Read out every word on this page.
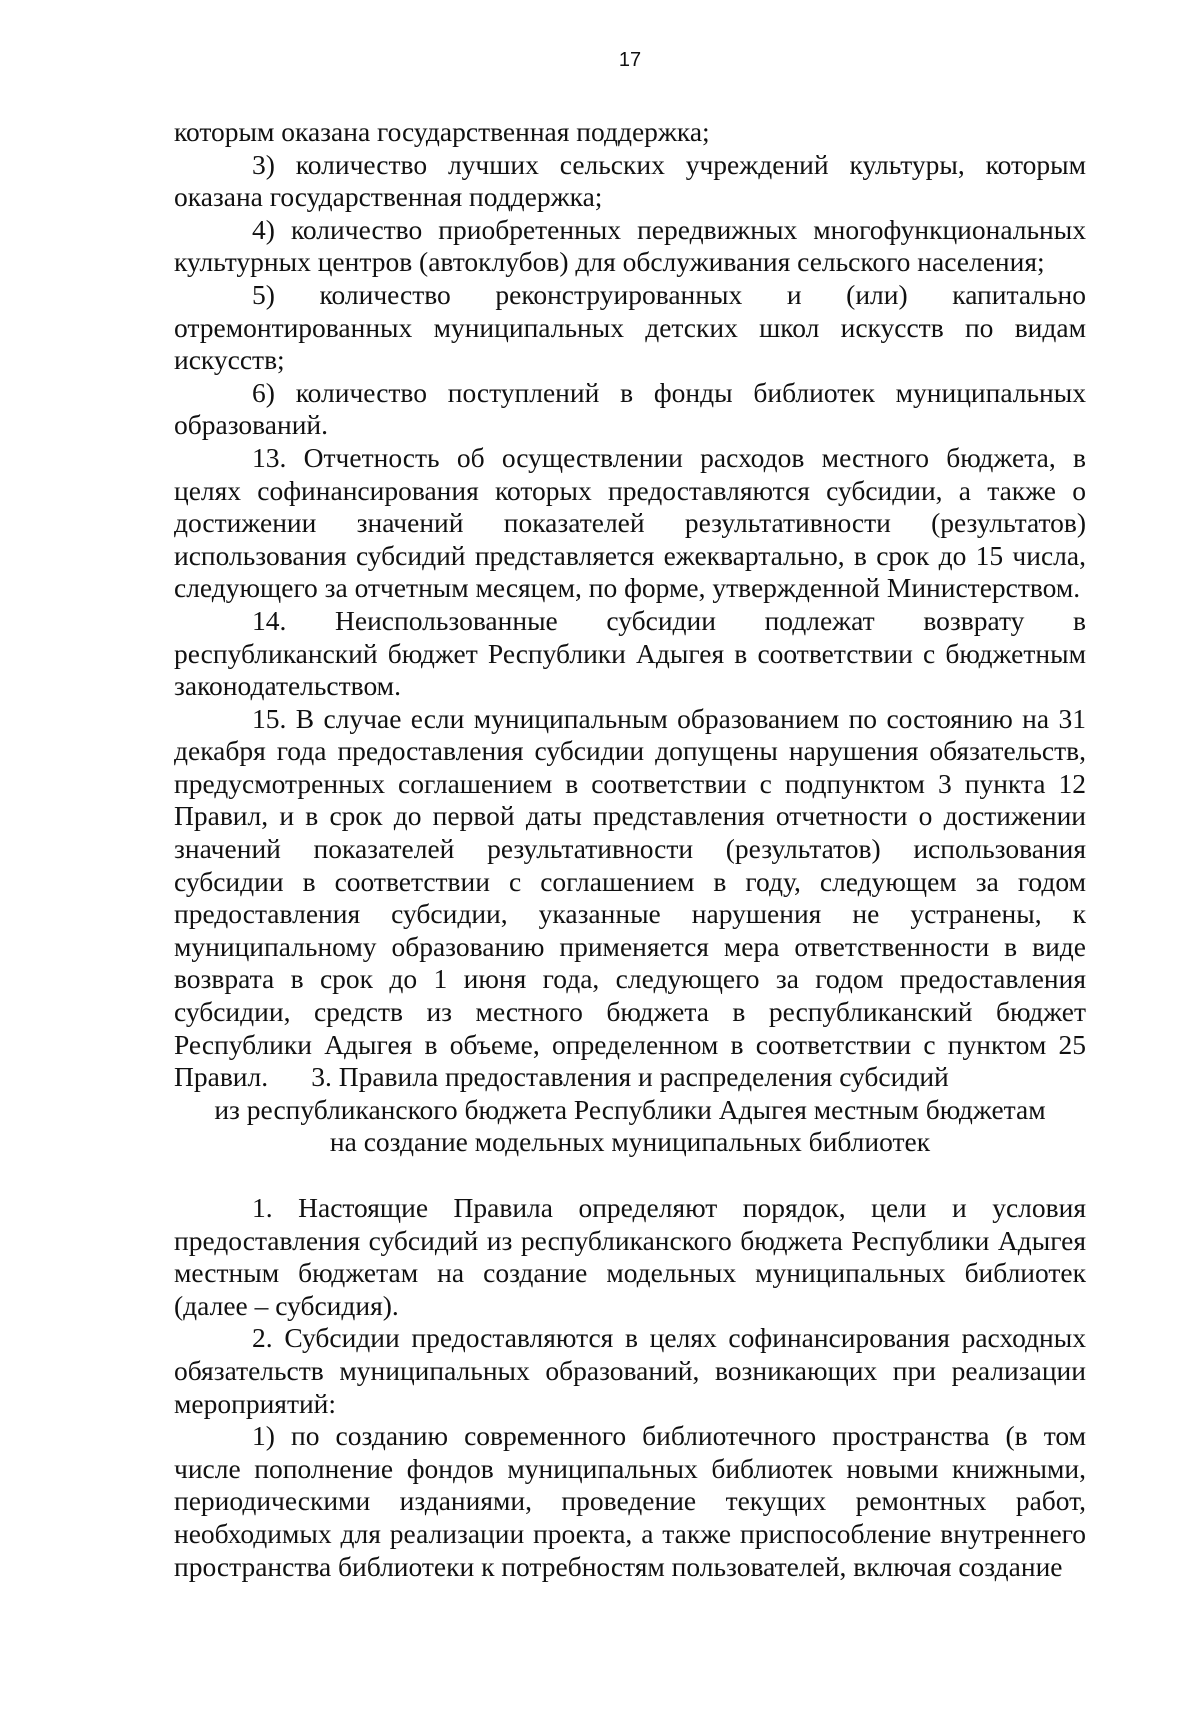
17

которым оказана государственная поддержка;

3) количество лучших сельских учреждений культуры, которым оказана государственная поддержка;

4) количество приобретенных передвижных многофункциональных культурных центров (автоклубов) для обслуживания сельского населения;

5) количество реконструированных и (или) капитально отремонтированных муниципальных детских школ искусств по видам искусств;

6) количество поступлений в фонды библиотек муниципальных образований.

13. Отчетность об осуществлении расходов местного бюджета, в целях софинансирования которых предоставляются субсидии, а также о достижении значений показателей результативности (результатов) использования субсидий представляется ежеквартально, в срок до 15 числа, следующего за отчетным месяцем, по форме, утвержденной Министерством.

14. Неиспользованные субсидии подлежат возврату в республиканский бюджет Республики Адыгея в соответствии с бюджетным законодательством.

15. В случае если муниципальным образованием по состоянию на 31 декабря года предоставления субсидии допущены нарушения обязательств, предусмотренных соглашением в соответствии с подпунктом 3 пункта 12 Правил, и в срок до первой даты представления отчетности о достижении значений показателей результативности (результатов) использования субсидии в соответствии с соглашением в году, следующем за годом предоставления субсидии, указанные нарушения не устранены, к муниципальному образованию применяется мера ответственности в виде возврата в срок до 1 июня года, следующего за годом предоставления субсидии, средств из местного бюджета в республиканский бюджет Республики Адыгея в объеме, определенном в соответствии с пунктом 25 Правил.	3. Правила предоставления и распределения субсидий
из республиканского бюджета Республики Адыгея местным бюджетам
на создание модельных муниципальных библиотек

1. Настоящие Правила определяют порядок, цели и условия предоставления субсидий из республиканского бюджета Республики Адыгея местным бюджетам на создание модельных муниципальных библиотек (далее – субсидия).

2. Субсидии предоставляются в целях софинансирования расходных обязательств муниципальных образований, возникающих при реализации мероприятий:

1) по созданию современного библиотечного пространства (в том числе пополнение фондов муниципальных библиотек новыми книжными, периодическими изданиями, проведение текущих ремонтных работ, необходимых для реализации проекта, а также приспособление внутреннего пространства библиотеки к потребностям пользователей, включая создание
